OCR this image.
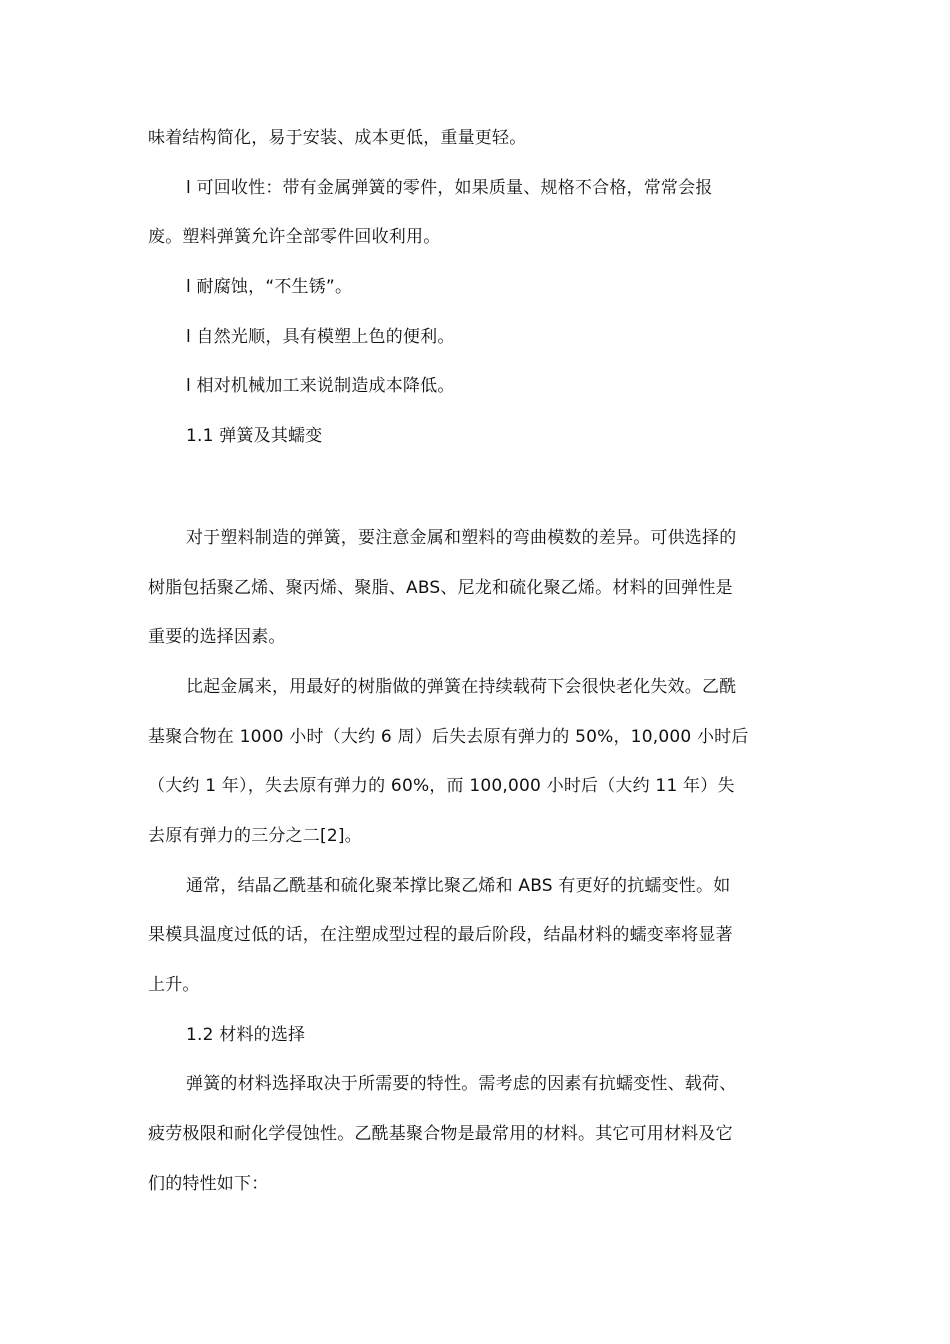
味着结构简化，易于安装、成本更低，重量更轻。
l 可回收性：带有金属弹簧的零件，如果质量、规格不合格，常常会报
废。塑料弹簧允许全部零件回收利用。
l 耐腐蚀，“不生锈”。
l 自然光顺，具有模塑上色的便利。
l 相对机械加工来说制造成本降低。
1.1 弹簧及其蠕变
对于塑料制造的弹簧，要注意金属和塑料的弯曲模数的差异。可供选择的
树脂包括聚乙烯、聚丙烯、聚脂、ABS、尼龙和硫化聚乙烯。材料的回弹性是
重要的选择因素。
比起金属来，用最好的树脂做的弹簧在持续载荷下会很快老化失效。乙酰
基聚合物在 1000 小时（大约 6 周）后失去原有弹力的 50%，10,000 小时后
（大约 1 年），失去原有弹力的 60%，而 100,000 小时后（大约 11 年）失
去原有弹力的三分之二[2]。
通常，结晶乙酰基和硫化聚苯撑比聚乙烯和 ABS 有更好的抗蠕变性。如
果模具温度过低的话，在注塑成型过程的最后阶段，结晶材料的蠕变率将显著
上升。
1.2 材料的选择
弹簧的材料选择取决于所需要的特性。需考虑的因素有抗蠕变性、载荷、
疲劳极限和耐化学侵蚀性。乙酰基聚合物是最常用的材料。其它可用材料及它
们的特性如下：
